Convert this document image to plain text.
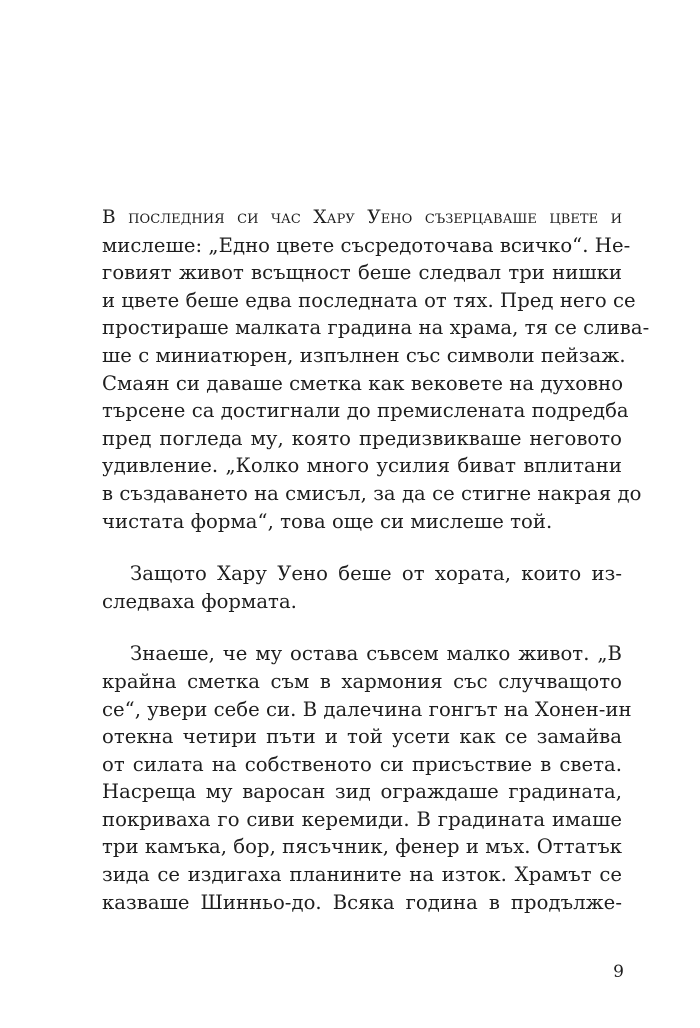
В последния си час Хару Уено съзерцаваше цвете и
мислеше: „Едно цвете съсредоточава всичко“. Не-
говият живот всъщност беше следвал три нишки
и цвете беше едва последната от тях. Пред него се
простираше малката градина на храма, тя се слива-
ше с миниатюрен, изпълнен със символи пейзаж.
Смаян си даваше сметка как вековете на духовно
търсене са достигнали до премислената подредба
пред погледа му, която предизвикваше неговото
удивление. „Колко много усилия биват вплитани
в създаването на смисъл, за да се стигне накрая до
чистата форма“, това още си мислеше той.
Защото Хару Уено беше от хората, които из-
следваха формата.
Знаеше, че му остава съвсем малко живот. „В
крайна сметка съм в хармония със случващото
се“, увери себе си. В далечина гонгът на Хонен-ин
отекна четири пъти и той усети как се замайва
от силата на собственото си присъствие в света.
Насреща му варосан зид ограждаше градината,
покриваха го сиви керемиди. В градината имаше
три камъка, бор, пясъчник, фенер и мъх. Оттатък
зида се издигаха планините на изток. Храмът се
казваше Шинньо-до. Всяка година в продълже-
9
